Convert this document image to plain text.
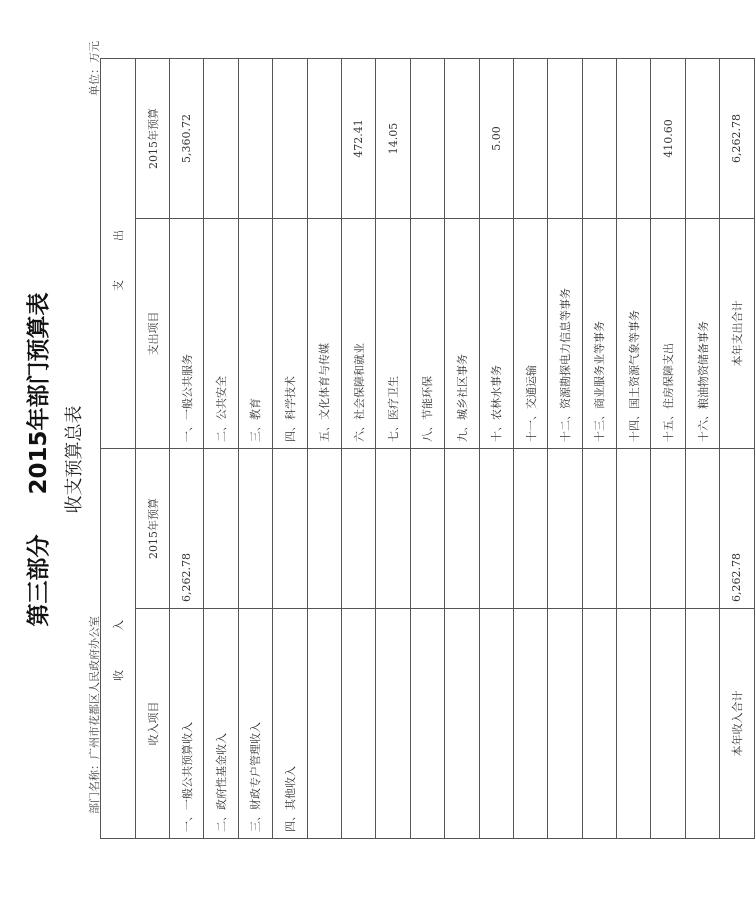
第三部分2015年部门预算表 收支预算总表
部门名称：广州市花都区人民政府办公室
单位：万元
收　入		支　出	
收入项目	2015年预算	支出项目	2015年预算
一、一般公共预算收入	6,262.78	一、一般公共服务	5,360.72
二、政府性基金收入		二、公共安全	
三、财政专户管理收入		三、教育	
四、其他收入		四、科学技术	
		五、文化体育与传媒	
		六、社会保障和就业	472.41
		七、医疗卫生	14.05
		八、节能环保	
		九、城乡社区事务	
		十、农林水事务	5.00
		十一、交通运输	
		十二、资源勘探电力信息等事务	
		十三、商业服务业等事务	
		十四、国土资源气象等事务	
		十五、住房保障支出	410.60
		十六、粮油物资储备事务	
本年收入合计	6,262.78	本年支出合计	6,262.78
